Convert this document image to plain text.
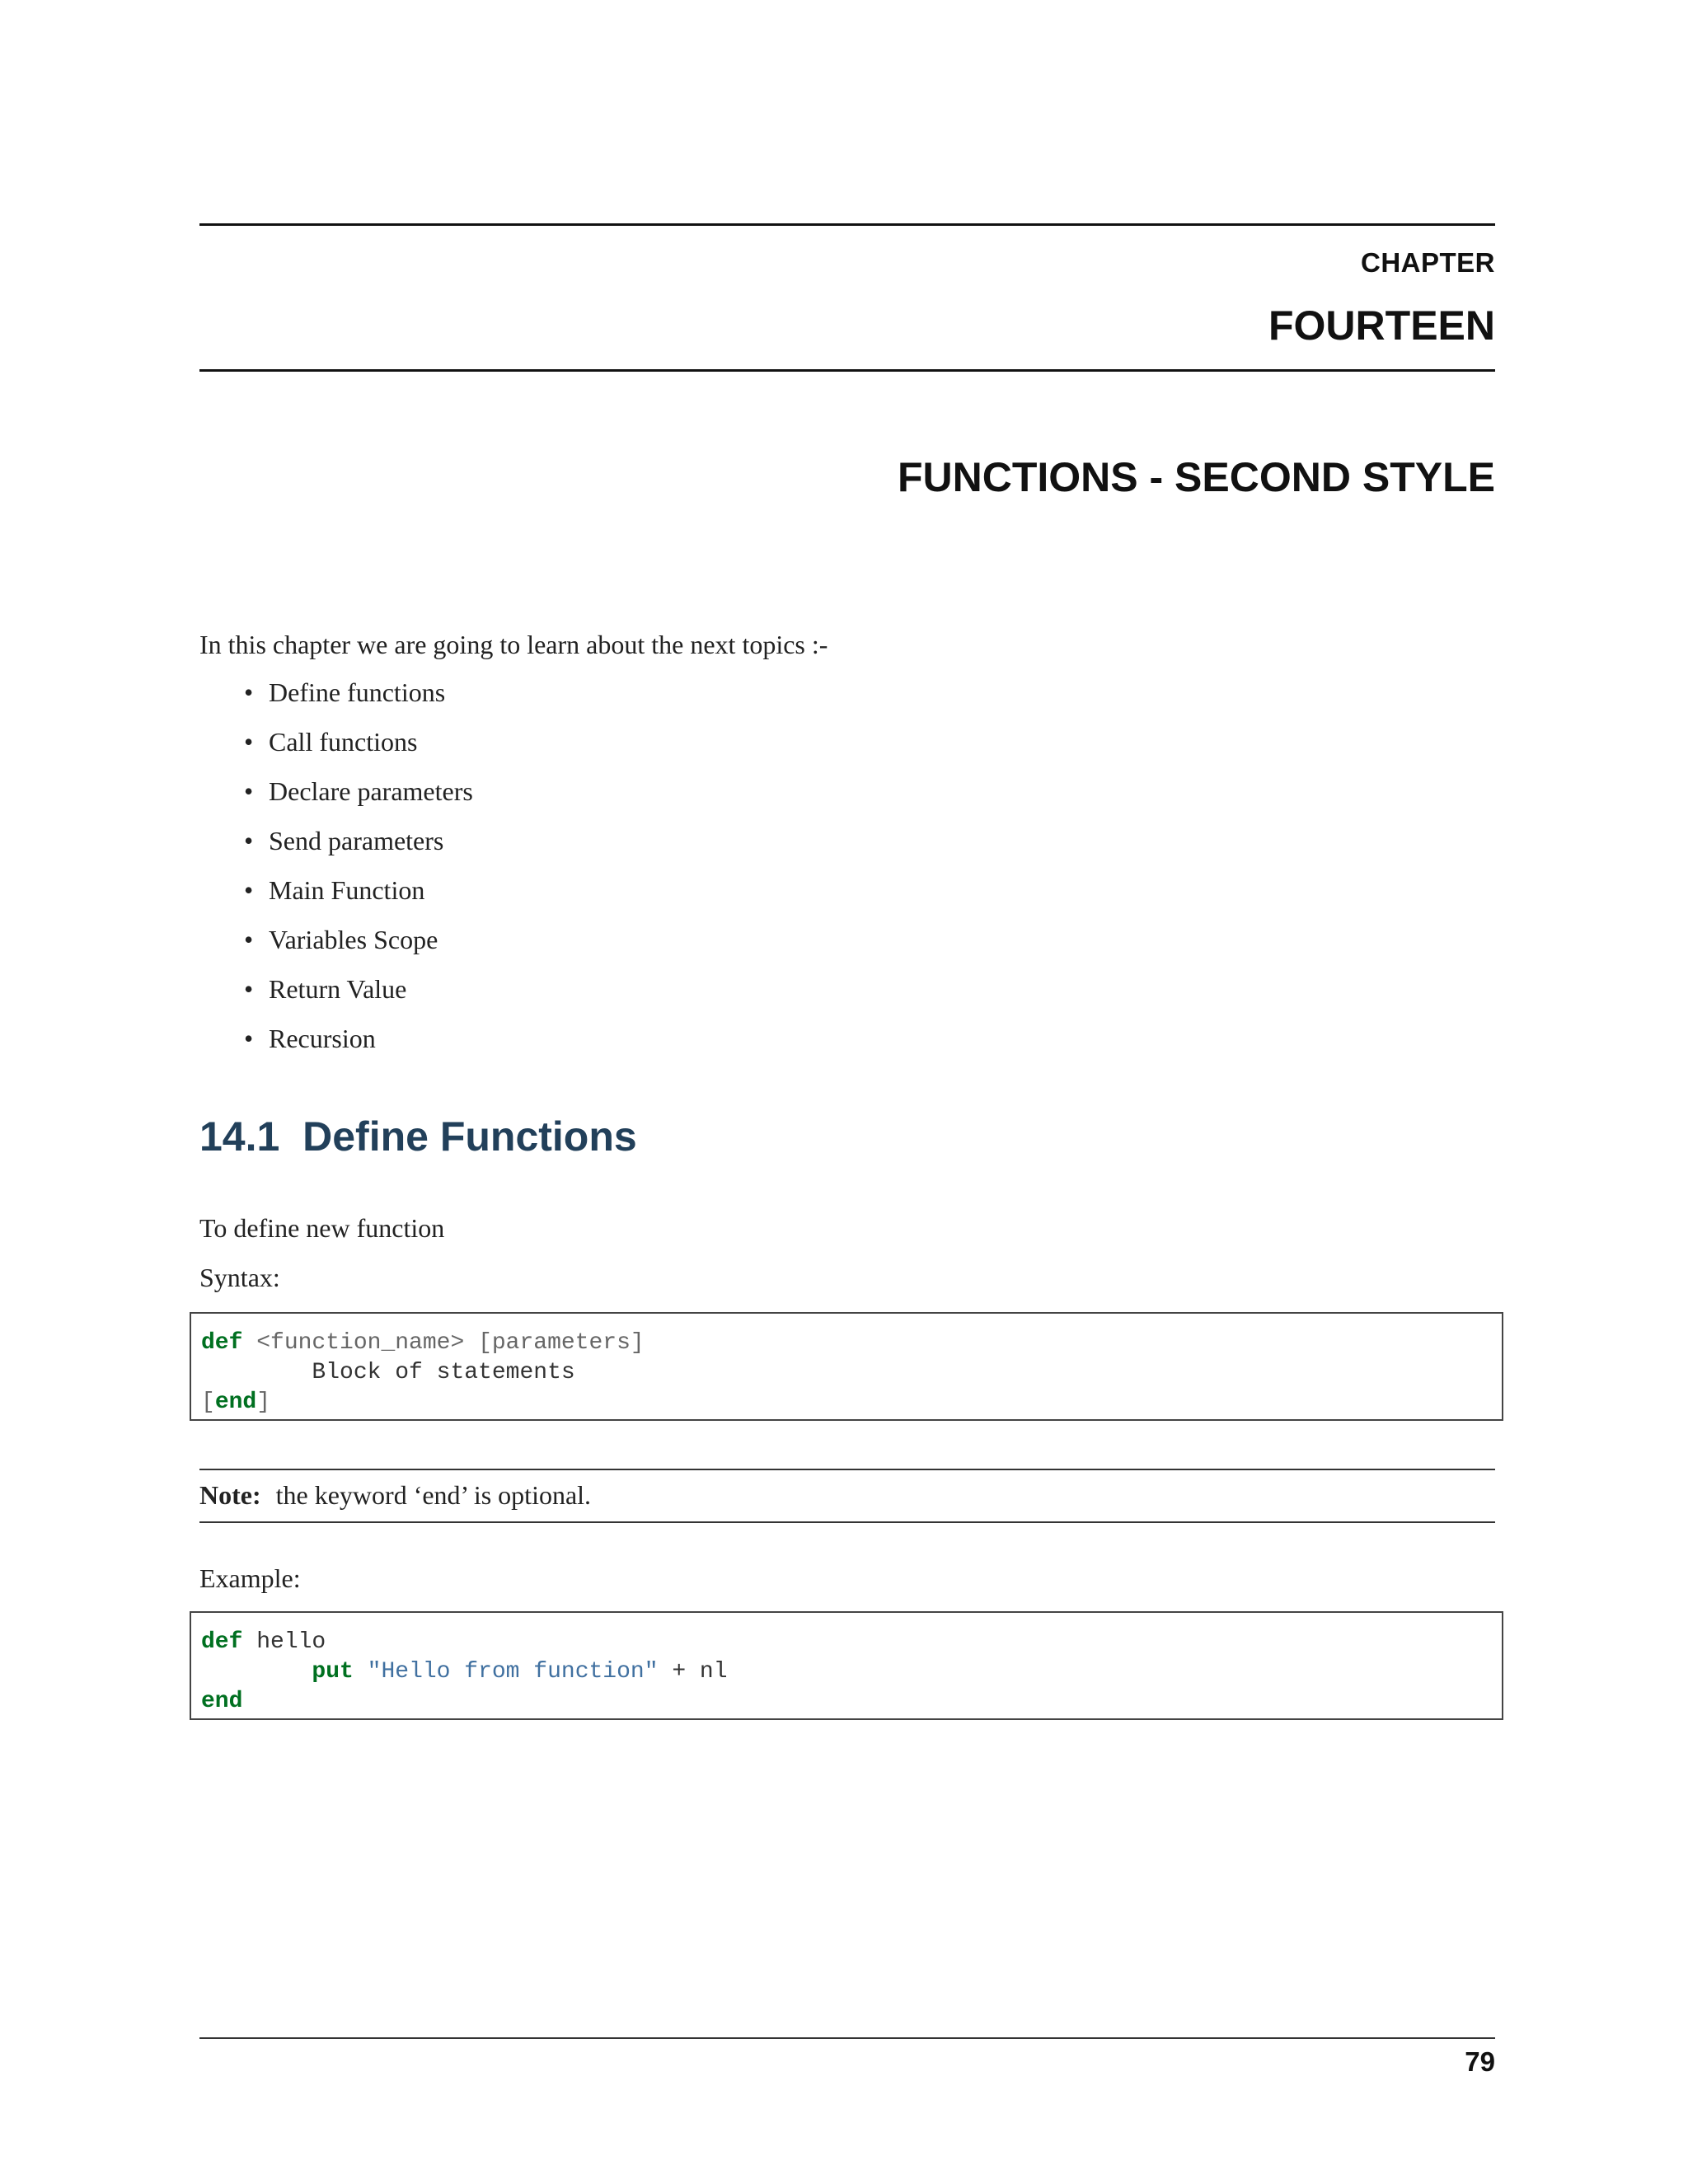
CHAPTER
FOURTEEN
FUNCTIONS - SECOND STYLE
In this chapter we are going to learn about the next topics :-
• Define functions
• Call functions
• Declare parameters
• Send parameters
• Main Function
• Variables Scope
• Return Value
• Recursion
14.1 Define Functions
To define new function
Syntax:
def <function_name> [parameters]
Block of statements
[end]
Note: the keyword ‘end’ is optional.
Example:
def hello
put "Hello from function" + nl
end
79
